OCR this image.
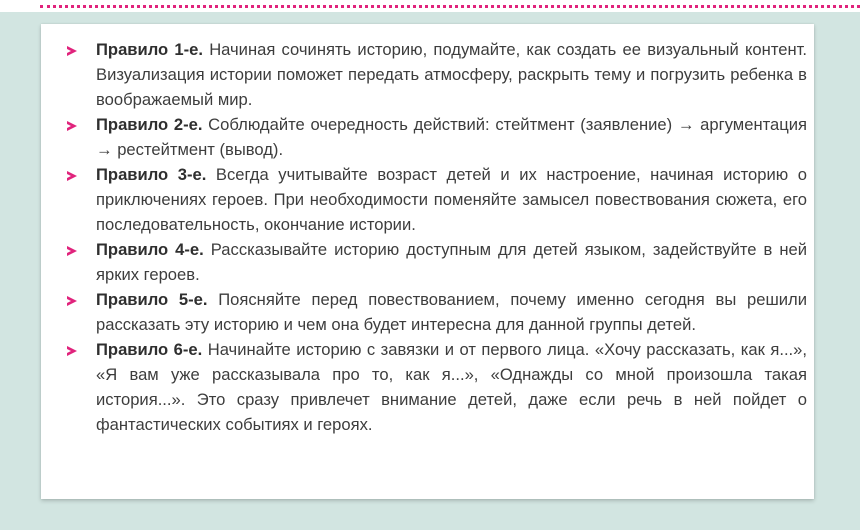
Правило 1-е. Начиная сочинять историю, подумайте, как создать ее визуальный контент. Визуализация истории поможет передать атмосферу, раскрыть тему и погрузить ребенка в воображаемый мир.
Правило 2-е. Соблюдайте очередность действий: стейтмент (заявление) → аргументация → рестейтмент (вывод).
Правило 3-е. Всегда учитывайте возраст детей и их настроение, начиная историю о приключениях героев. При необходимости поменяйте замысел повествования сюжета, его последовательность, окончание истории.
Правило 4-е. Рассказывайте историю доступным для детей языком, задействуйте в ней ярких героев.
Правило 5-е. Поясняйте перед повествованием, почему именно сегодня вы решили рассказать эту историю и чем она будет интересна для данной группы детей.
Правило 6-е. Начинайте историю с завязки и от первого лица. «Хочу рассказать, как я...», «Я вам уже рассказывала про то, как я...», «Однажды со мной произошла такая история...». Это сразу привлечет внимание детей, даже если речь в ней пойдет о фантастических событиях и героях.
